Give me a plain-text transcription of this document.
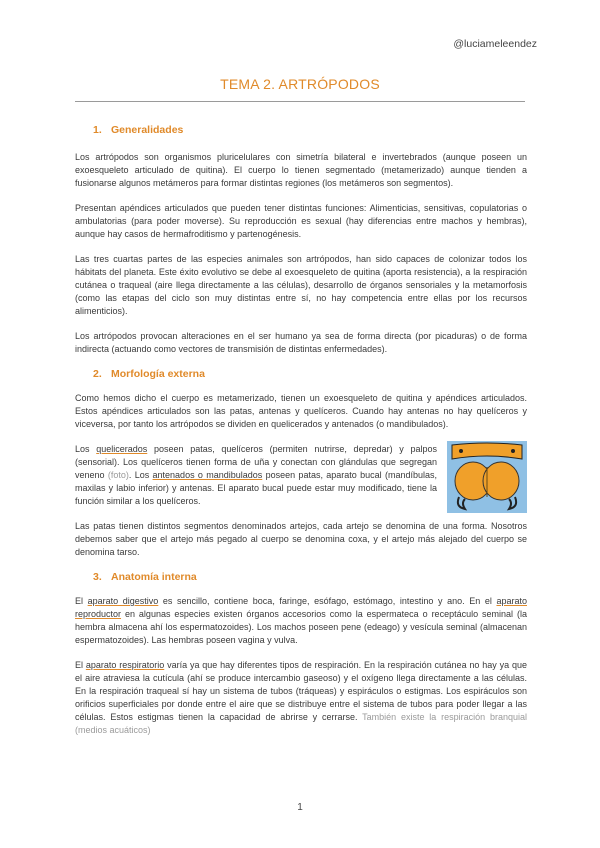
@luciameleendez
TEMA 2. ARTRÓPODOS
1. Generalidades

Los artrópodos son organismos pluricelulares con simetría bilateral e invertebrados (aunque poseen un exoesqueleto articulado de quitina). El cuerpo lo tienen segmentado (metamerizado) aunque tienden a fusionarse algunos metámeros para formar distintas regiones (los metámeros son segmentos).

Presentan apéndices articulados que pueden tener distintas funciones: Alimenticias, sensitivas, copulatorias o ambulatorias (para poder moverse). Su reproducción es sexual (hay diferencias entre machos y hembras), aunque hay casos de hermafroditismo y partenogénesis.

Las tres cuartas partes de las especies animales son artrópodos, han sido capaces de colonizar todos los hábitats del planeta. Este éxito evolutivo se debe al exoesqueleto de quitina (aporta resistencia), a la respiración cutánea o traqueal (aire llega directamente a las células), desarrollo de órganos sensoriales y la metamorfosis (como las etapas del ciclo son muy distintas entre sí, no hay competencia entre ellas por los recursos alimenticios).

Los artrópodos provocan alteraciones en el ser humano ya sea de forma directa (por picaduras) o de forma indirecta (actuando como vectores de transmisión de distintas enfermedades).

2. Morfología externa

Como hemos dicho el cuerpo es metamerizado, tienen un exoesqueleto de quitina y apéndices articulados. Estos apéndices articulados son las patas, antenas y quelíceros. Cuando hay antenas no hay quelíceros y viceversa, por tanto los artrópodos se dividen en quelicerados y antenados (o mandibulados).

Los quelicerados poseen patas, quelíceros (permiten nutrirse, depredar) y palpos (sensorial). Los quelíceros tienen forma de uña y conectan con glándulas que segregan veneno (foto). Los antenados o mandibulados poseen patas, aparato bucal (mandíbulas, maxilas y labio inferior) y antenas. El aparato bucal puede estar muy modificado, tiene la función similar a los quelíceros.

Las patas tienen distintos segmentos denominados artejos, cada artejo se denomina de una forma. Nosotros debemos saber que el artejo más pegado al cuerpo se denomina coxa, y el artejo más alejado del cuerpo se denomina tarso.

3. Anatomía interna

El aparato digestivo es sencillo, contiene boca, faringe, esófago, estómago, intestino y ano. En el aparato reproductor en algunas especies existen órganos accesorios como la espermateca o receptáculo seminal (la hembra almacena ahí los espermatozoides). Los machos poseen pene (edeago) y vesícula seminal (almacenan espermatozoides). Las hembras poseen vagina y vulva.

El aparato respiratorio varía ya que hay diferentes tipos de respiración. En la respiración cutánea no hay ya que el aire atraviesa la cutícula (ahí se produce intercambio gaseoso) y el oxígeno llega directamente a las células. En la respiración traqueal sí hay un sistema de tubos (tráqueas) y espiráculos o estigmas. Los espiráculos son orificios superficiales por donde entre el aire que se distribuye entre el sistema de tubos para poder llegar a las células. Estos estigmas tienen la capacidad de abrirse y cerrarse. También existe la respiración branquial (medios acuáticos)

1
